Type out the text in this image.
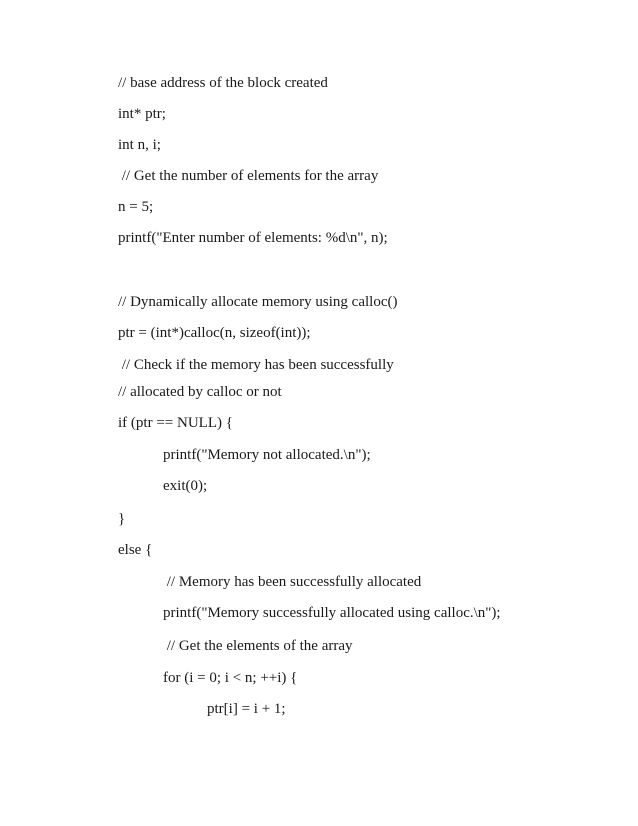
// base address of the block created
int* ptr;
int n, i;
// Get the number of elements for the array
n = 5;
printf("Enter number of elements: %d\n", n);
// Dynamically allocate memory using calloc()
ptr = (int*)calloc(n, sizeof(int));
// Check if the memory has been successfully
// allocated by calloc or not
if (ptr == NULL) {
printf("Memory not allocated.\n");
exit(0);
}
else {
// Memory has been successfully allocated
printf("Memory successfully allocated using calloc.\n");
// Get the elements of the array
for (i = 0; i < n; ++i) {
ptr[i] = i + 1;
